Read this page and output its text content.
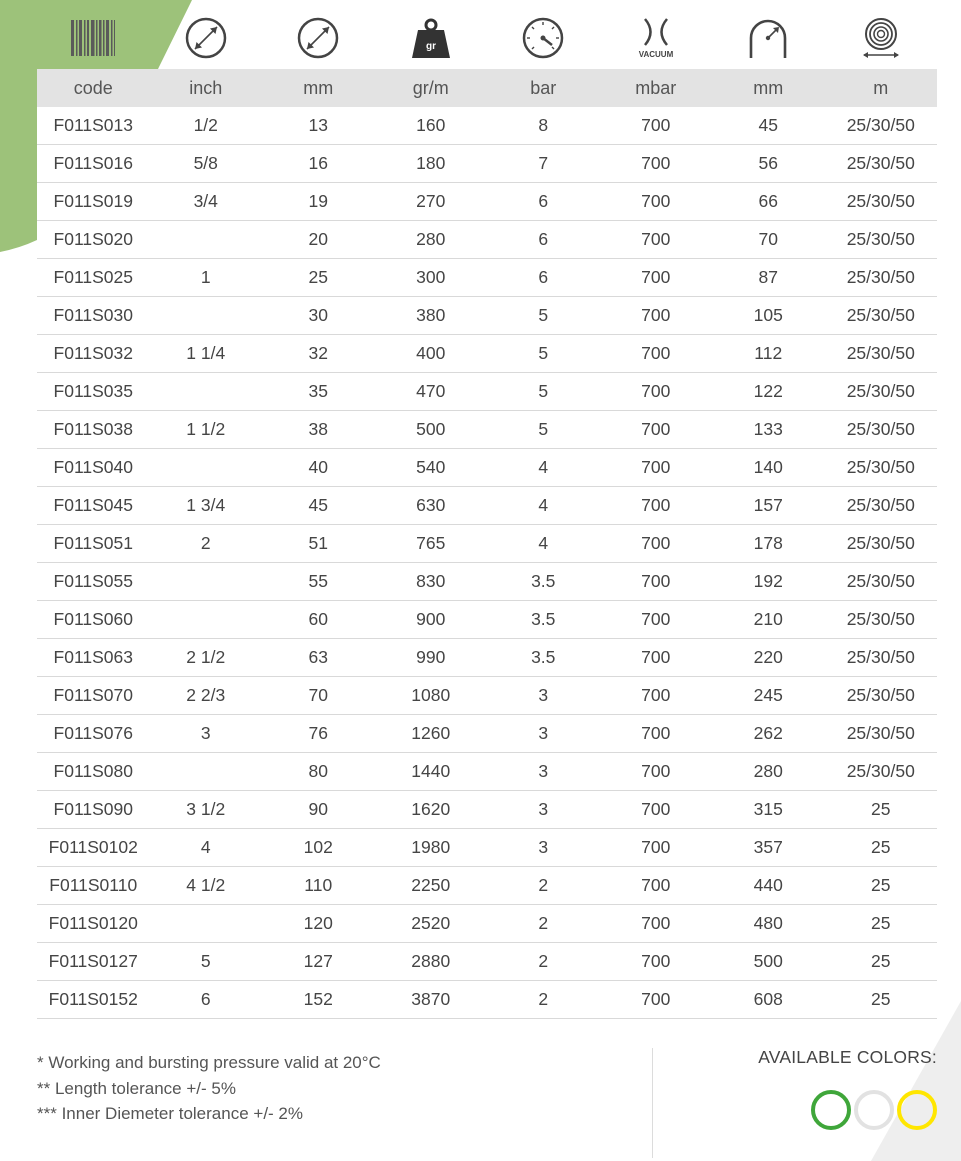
gr
VACUUM
code	inch	mm	gr/m	bar	mbar	mm	m
F011S013	1/2	13	160	8	700	45	25/30/50
F011S016	5/8	16	180	7	700	56	25/30/50
F011S019	3/4	19	270	6	700	66	25/30/50
F011S020		20	280	6	700	70	25/30/50
F011S025	1	25	300	6	700	87	25/30/50
F011S030		30	380	5	700	105	25/30/50
F011S032	1 1/4	32	400	5	700	112	25/30/50
F011S035		35	470	5	700	122	25/30/50
F011S038	1 1/2	38	500	5	700	133	25/30/50
F011S040		40	540	4	700	140	25/30/50
F011S045	1 3/4	45	630	4	700	157	25/30/50
F011S051	2	51	765	4	700	178	25/30/50
F011S055		55	830	3.5	700	192	25/30/50
F011S060		60	900	3.5	700	210	25/30/50
F011S063	2 1/2	63	990	3.5	700	220	25/30/50
F011S070	2 2/3	70	1080	3	700	245	25/30/50
F011S076	3	76	1260	3	700	262	25/30/50
F011S080		80	1440	3	700	280	25/30/50
F011S090	3 1/2	90	1620	3	700	315	25
F011S0102	4	102	1980	3	700	357	25
F011S0110	4 1/2	110	2250	2	700	440	25
F011S0120		120	2520	2	700	480	25
F011S0127	5	127	2880	2	700	500	25
F011S0152	6	152	3870	2	700	608	25
* Working and bursting pressure valid at 20°C
** Length tolerance +/- 5%
*** Inner Diemeter tolerance +/- 2%
AVAILABLE COLORS:
